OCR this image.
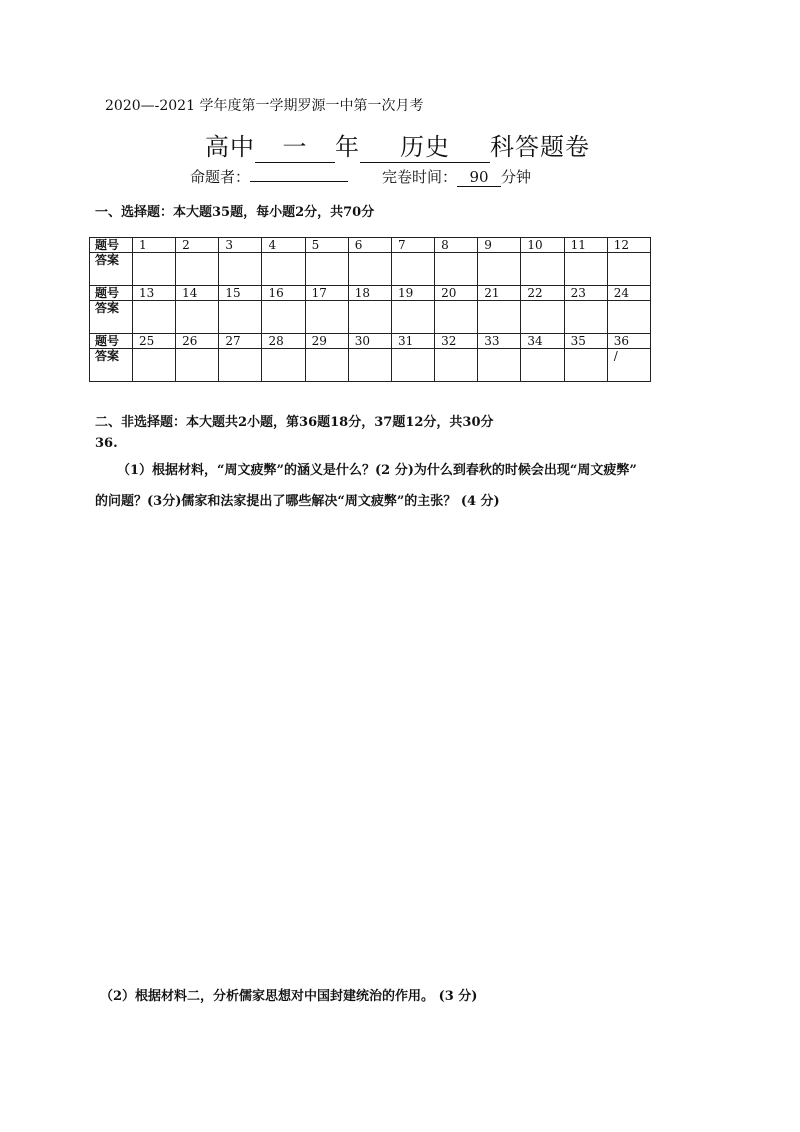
2020—-2021 学年度第一学期罗源一中第一次月考
高中 一 年 历史 科答题卷
命题者：	完卷时间： 90 分钟
一、选择题：本大题35题，每小题2分，共70分
题号	1	2	3	4	5	6	7	8	9	10	11	12
答案												
题号	13	14	15	16	17	18	19	20	21	22	23	24
答案												
题号	25	26	27	28	29	30	31	32	33	34	35	36
答案												/
二、非选择题：本大题共2小题，第36题18分，37题12分，共30分
36.
（1）根据材料，“周文疲弊”的涵义是什么？(2 分)为什么到春秋的时候会出现“周文疲弊”
的问题？(3分)儒家和法家提出了哪些解决“周文疲弊”的主张？ (4 分)
（2）根据材料二，分析儒家思想对中国封建统治的作用。 (3 分)
